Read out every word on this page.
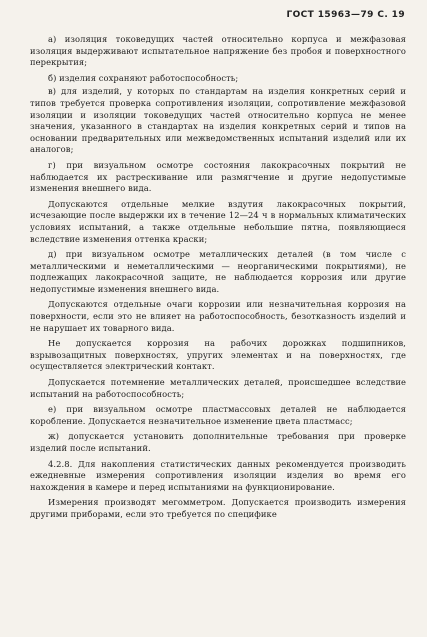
ГОСТ 15963—79 С. 19

а) изоляция токоведущих частей относительно корпуса и межфазовая изоляция выдерживают испытательное напряжение без пробоя и поверхностного перекрытия;

б) изделия сохраняют работоспособность;

в) для изделий, у которых по стандартам на изделия конкретных серий и типов требуется проверка сопротивления изоляции, сопротивление межфазовой изоляции и изоляции токоведущих частей относительно корпуса не менее значения, указанного в стандартах на изделия конкретных серий и типов на основании предварительных или межведомственных испытаний изделий или их аналогов;

г) при визуальном осмотре состояния лакокрасочных покрытий не наблюдается их растрескивание или размягчение и другие недопустимые изменения внешнего вида.

Допускаются отдельные мелкие вздутия лакокрасочных покрытий, исчезающие после выдержки их в течение 12—24 ч в нормальных климатических условиях испытаний, а также отдельные небольшие пятна, появляющиеся вследствие изменения оттенка краски;

д) при визуальном осмотре металлических деталей (в том числе с металлическими и неметаллическими — неорганическими покрытиями), не подлежащих лакокрасочной защите, не наблюдается коррозия или другие недопустимые изменения внешнего вида.

Допускаются отдельные очаги коррозии или незначительная коррозия на поверхности, если это не влияет на работоспособность, безотказность изделий и не нарушает их товарного вида.

Не допускается коррозия на рабочих дорожках подшипников, взрывозащитных поверхностях, упругих элементах и на поверхностях, где осуществляется электрический контакт.

Допускается потемнение металлических деталей, происшедшее вследствие испытаний на работоспособность;

е) при визуальном осмотре пластмассовых деталей не наблюдается коробление. Допускается незначительное изменение цвета пластмасс;

ж) допускается установить дополнительные требования при проверке изделий после испытаний.

4.2.8. Для накопления статистических данных рекомендуется производить ежедневные измерения сопротивления изоляции изделия во время его нахождения в камере и перед испытаниями на функционирование.

Измерения производят мегомметром. Допускается производить измерения другими приборами, если это требуется по специфике
